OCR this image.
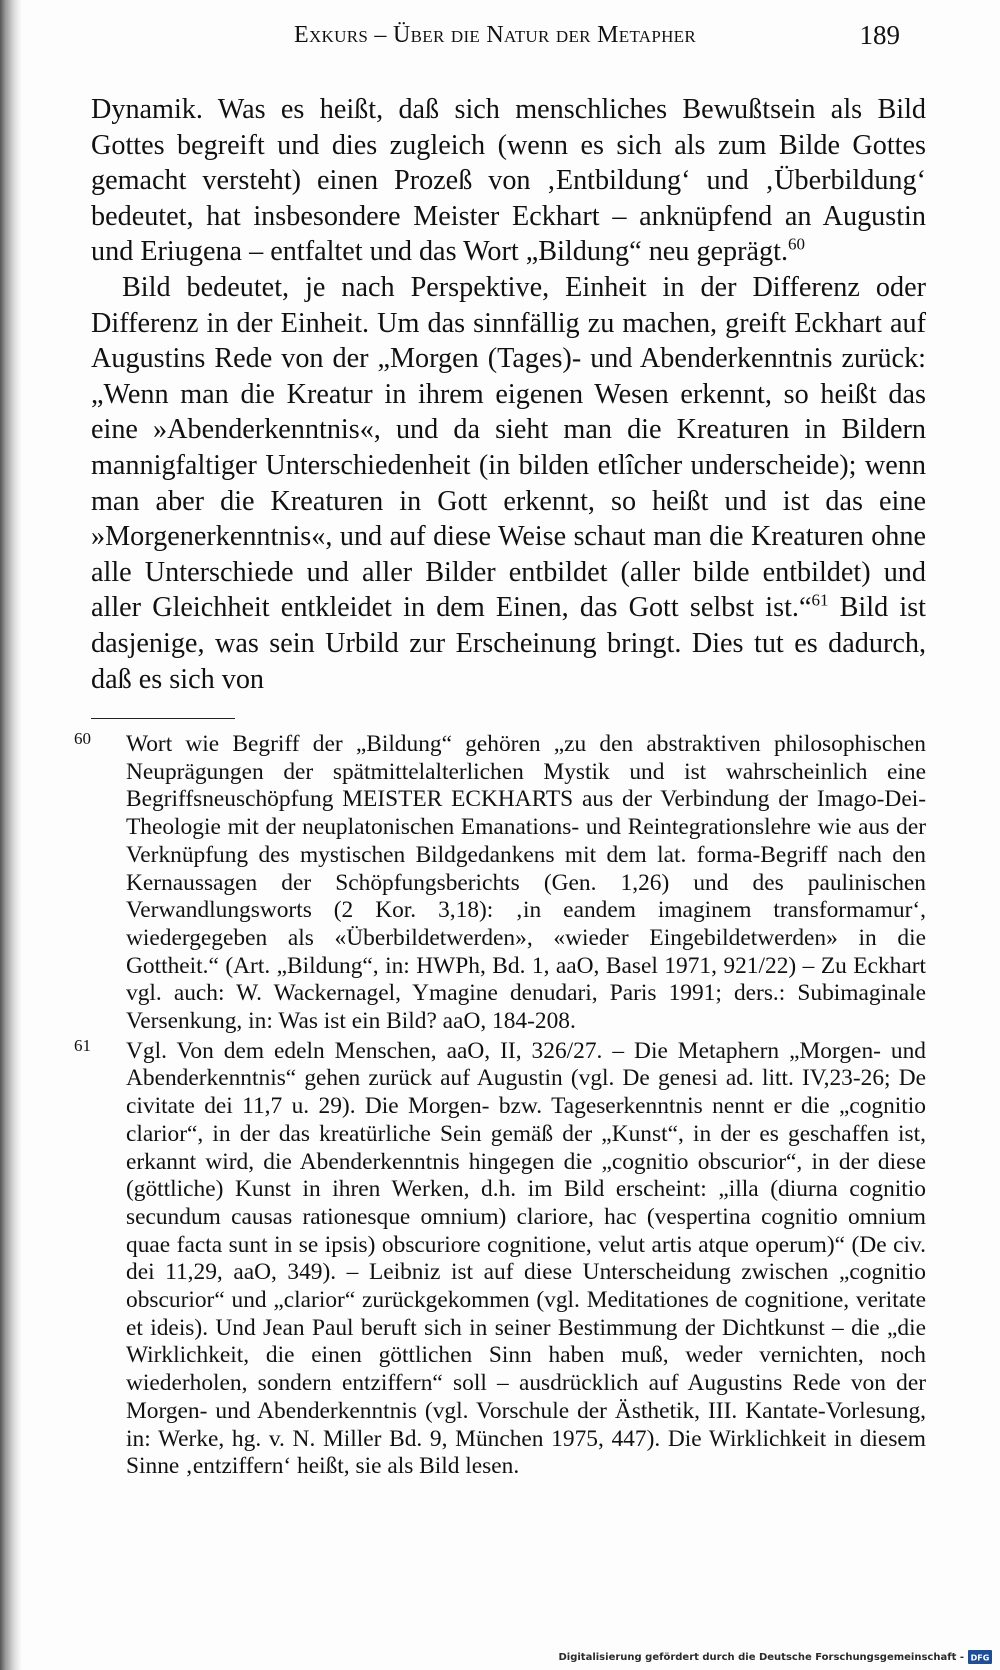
Exkurs – Über die Natur der Metapher	189

Dynamik. Was es heißt, daß sich menschliches Bewußtsein als Bild Gottes begreift und dies zugleich (wenn es sich als zum Bilde Gottes gemacht versteht) einen Prozeß von ‚Entbildung‘ und ‚Überbildung‘ bedeutet, hat insbesondere Meister Eckhart – anknüpfend an Augustin und Eriugena – entfaltet und das Wort „Bildung“ neu geprägt.$^{60}$

Bild bedeutet, je nach Perspektive, Einheit in der Differenz oder Differenz in der Einheit. Um das sinnfällig zu machen, greift Eckhart auf Augustins Rede von der „Morgen (Tages)- und Abenderkenntnis zurück: „Wenn man die Kreatur in ihrem eigenen Wesen erkennt, so heißt das eine »Abenderkenntnis«, und da sieht man die Kreaturen in Bildern mannigfaltiger Unterschiedenheit (in bilden etlîcher underscheide); wenn man aber die Kreaturen in Gott erkennt, so heißt und ist das eine »Morgenerkenntnis«, und auf diese Weise schaut man die Kreaturen ohne alle Unterschiede und aller Bilder entbildet (aller bilde entbildet) und aller Gleichheit entkleidet in dem Einen, das Gott selbst ist.“$^{61}$ Bild ist dasjenige, was sein Urbild zur Erscheinung bringt. Dies tut es dadurch, daß es sich von

60 Wort wie Begriff der „Bildung“ gehören „zu den abstraktiven philosophischen Neuprägungen der spätmittelalterlichen Mystik und ist wahrscheinlich eine Begriffsneuschöpfung MEISTER ECKHARTS aus der Verbindung der Imago-Dei-Theologie mit der neuplatonischen Emanations- und Reintegrationslehre wie aus der Verknüpfung des mystischen Bildgedankens mit dem lat. forma-Begriff nach den Kernaussagen der Schöpfungsberichts (Gen. 1,26) und des paulinischen Verwandlungsworts (2 Kor. 3,18): ‚in eandem imaginem transformamur‘, wiedergegeben als «Überbildetwerden», «wieder Eingebildetwerden» in die Gottheit.“ (Art. „Bildung“, in: HWPh, Bd. 1, aaO, Basel 1971, 921/22) – Zu Eckhart vgl. auch: W. Wackernagel, Ymagine denudari, Paris 1991; ders.: Subimaginale Versenkung, in: Was ist ein Bild? aaO, 184-208.
61 Vgl. Von dem edeln Menschen, aaO, II, 326/27. – Die Metaphern „Morgen- und Abenderkenntnis“ gehen zurück auf Augustin (vgl. De genesi ad. litt. IV,23-26; De civitate dei 11,7 u. 29). Die Morgen- bzw. Tageserkenntnis nennt er die „cognitio clarior“, in der das kreatürliche Sein gemäß der „Kunst“, in der es geschaffen ist, erkannt wird, die Abenderkenntnis hingegen die „cognitio obscurior“, in der diese (göttliche) Kunst in ihren Werken, d.h. im Bild erscheint: „illa (diurna cognitio secundum causas rationesque omnium) clariore, hac (vespertina cognitio omnium quae facta sunt in se ipsis) obscuriore cognitione, velut artis atque operum)“ (De civ. dei 11,29, aaO, 349). – Leibniz ist auf diese Unterscheidung zwischen „cognitio obscurior“ und „clarior“ zurückgekommen (vgl. Meditationes de cognitione, veritate et ideis). Und Jean Paul beruft sich in seiner Bestimmung der Dichtkunst – die „die Wirklichkeit, die einen göttlichen Sinn haben muß, weder vernichten, noch wiederholen, sondern entziffern“ soll – ausdrücklich auf Augustins Rede von der Morgen- und Abenderkenntnis (vgl. Vorschule der Ästhetik, III. Kantate-Vorlesung, in: Werke, hg. v. N. Miller Bd. 9, München 1975, 447). Die Wirklichkeit in diesem Sinne ‚entziffern‘ heißt, sie als Bild lesen.
Digitalisierung gefördert durch die Deutsche Forschungsgemeinschaft - DFG
